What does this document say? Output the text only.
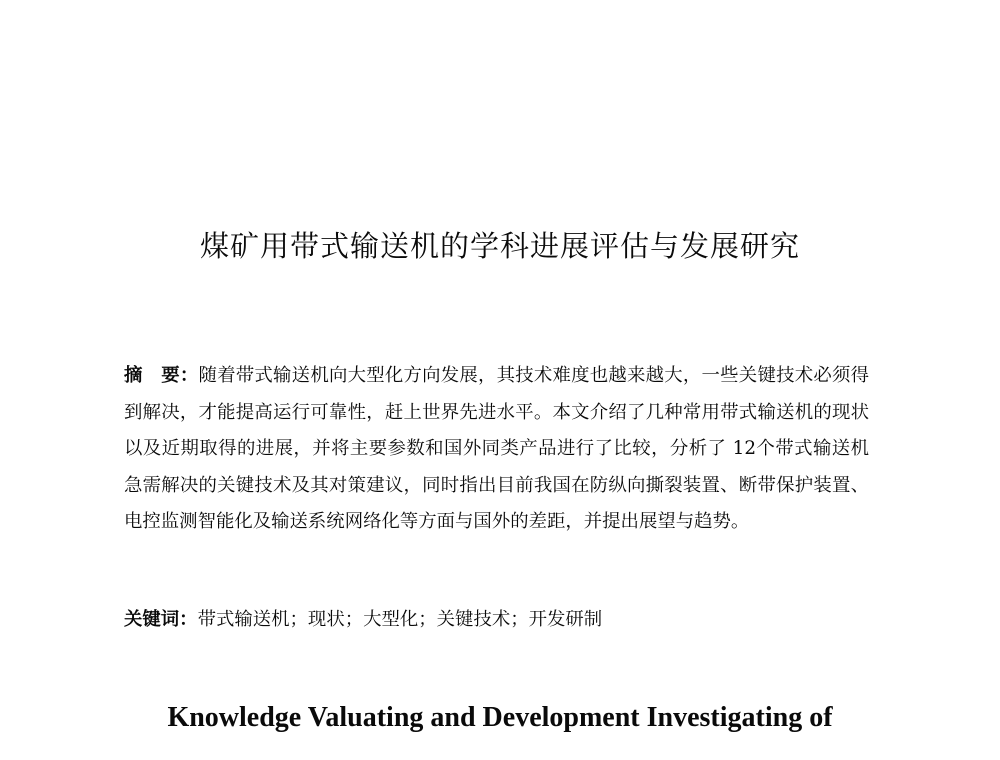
煤矿用带式输送机的学科进展评估与发展研究

摘　要：随着带式输送机向大型化方向发展，其技术难度也越来越大，一些关键技术必须得到解决，才能提高运行可靠性，赶上世界先进水平。本文介绍了几种常用带式输送机的现状以及近期取得的进展，并将主要参数和国外同类产品进行了比较，分析了 12个带式输送机急需解决的关键技术及其对策建议，同时指出目前我国在防纵向撕裂装置、断带保护装置、电控监测智能化及输送系统网络化等方面与国外的差距，并提出展望与趋势。

关键词：带式输送机；现状；大型化；关键技术；开发研制

Knowledge Valuating and Development Investigating of
